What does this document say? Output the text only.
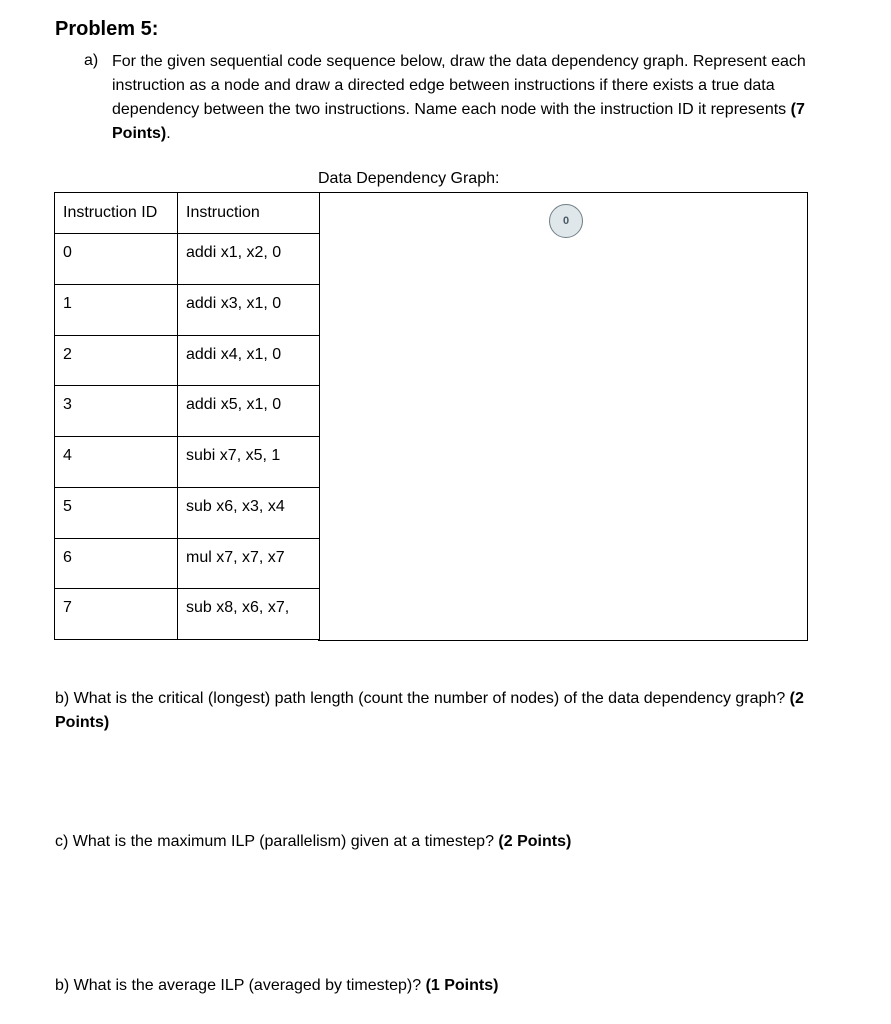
Problem 5:
a) For the given sequential code sequence below, draw the data dependency graph. Represent each instruction as a node and draw a directed edge between instructions if there exists a true data dependency between the two instructions. Name each node with the instruction ID it represents (7 Points).
Data Dependency Graph:
Instruction ID	Instruction
0	addi x1, x2, 0
1	addi x3, x1, 0
2	addi x4, x1, 0
3	addi x5, x1, 0
4	subi x7, x5, 1
5	sub x6, x3, x4
6	mul x7, x7, x7
7	sub x8, x6, x7,
0
b) What is the critical (longest) path length (count the number of nodes) of the data dependency graph? (2 Points)
c) What is the maximum ILP (parallelism) given at a timestep? (2 Points)
b) What is the average ILP (averaged by timestep)? (1 Points)
